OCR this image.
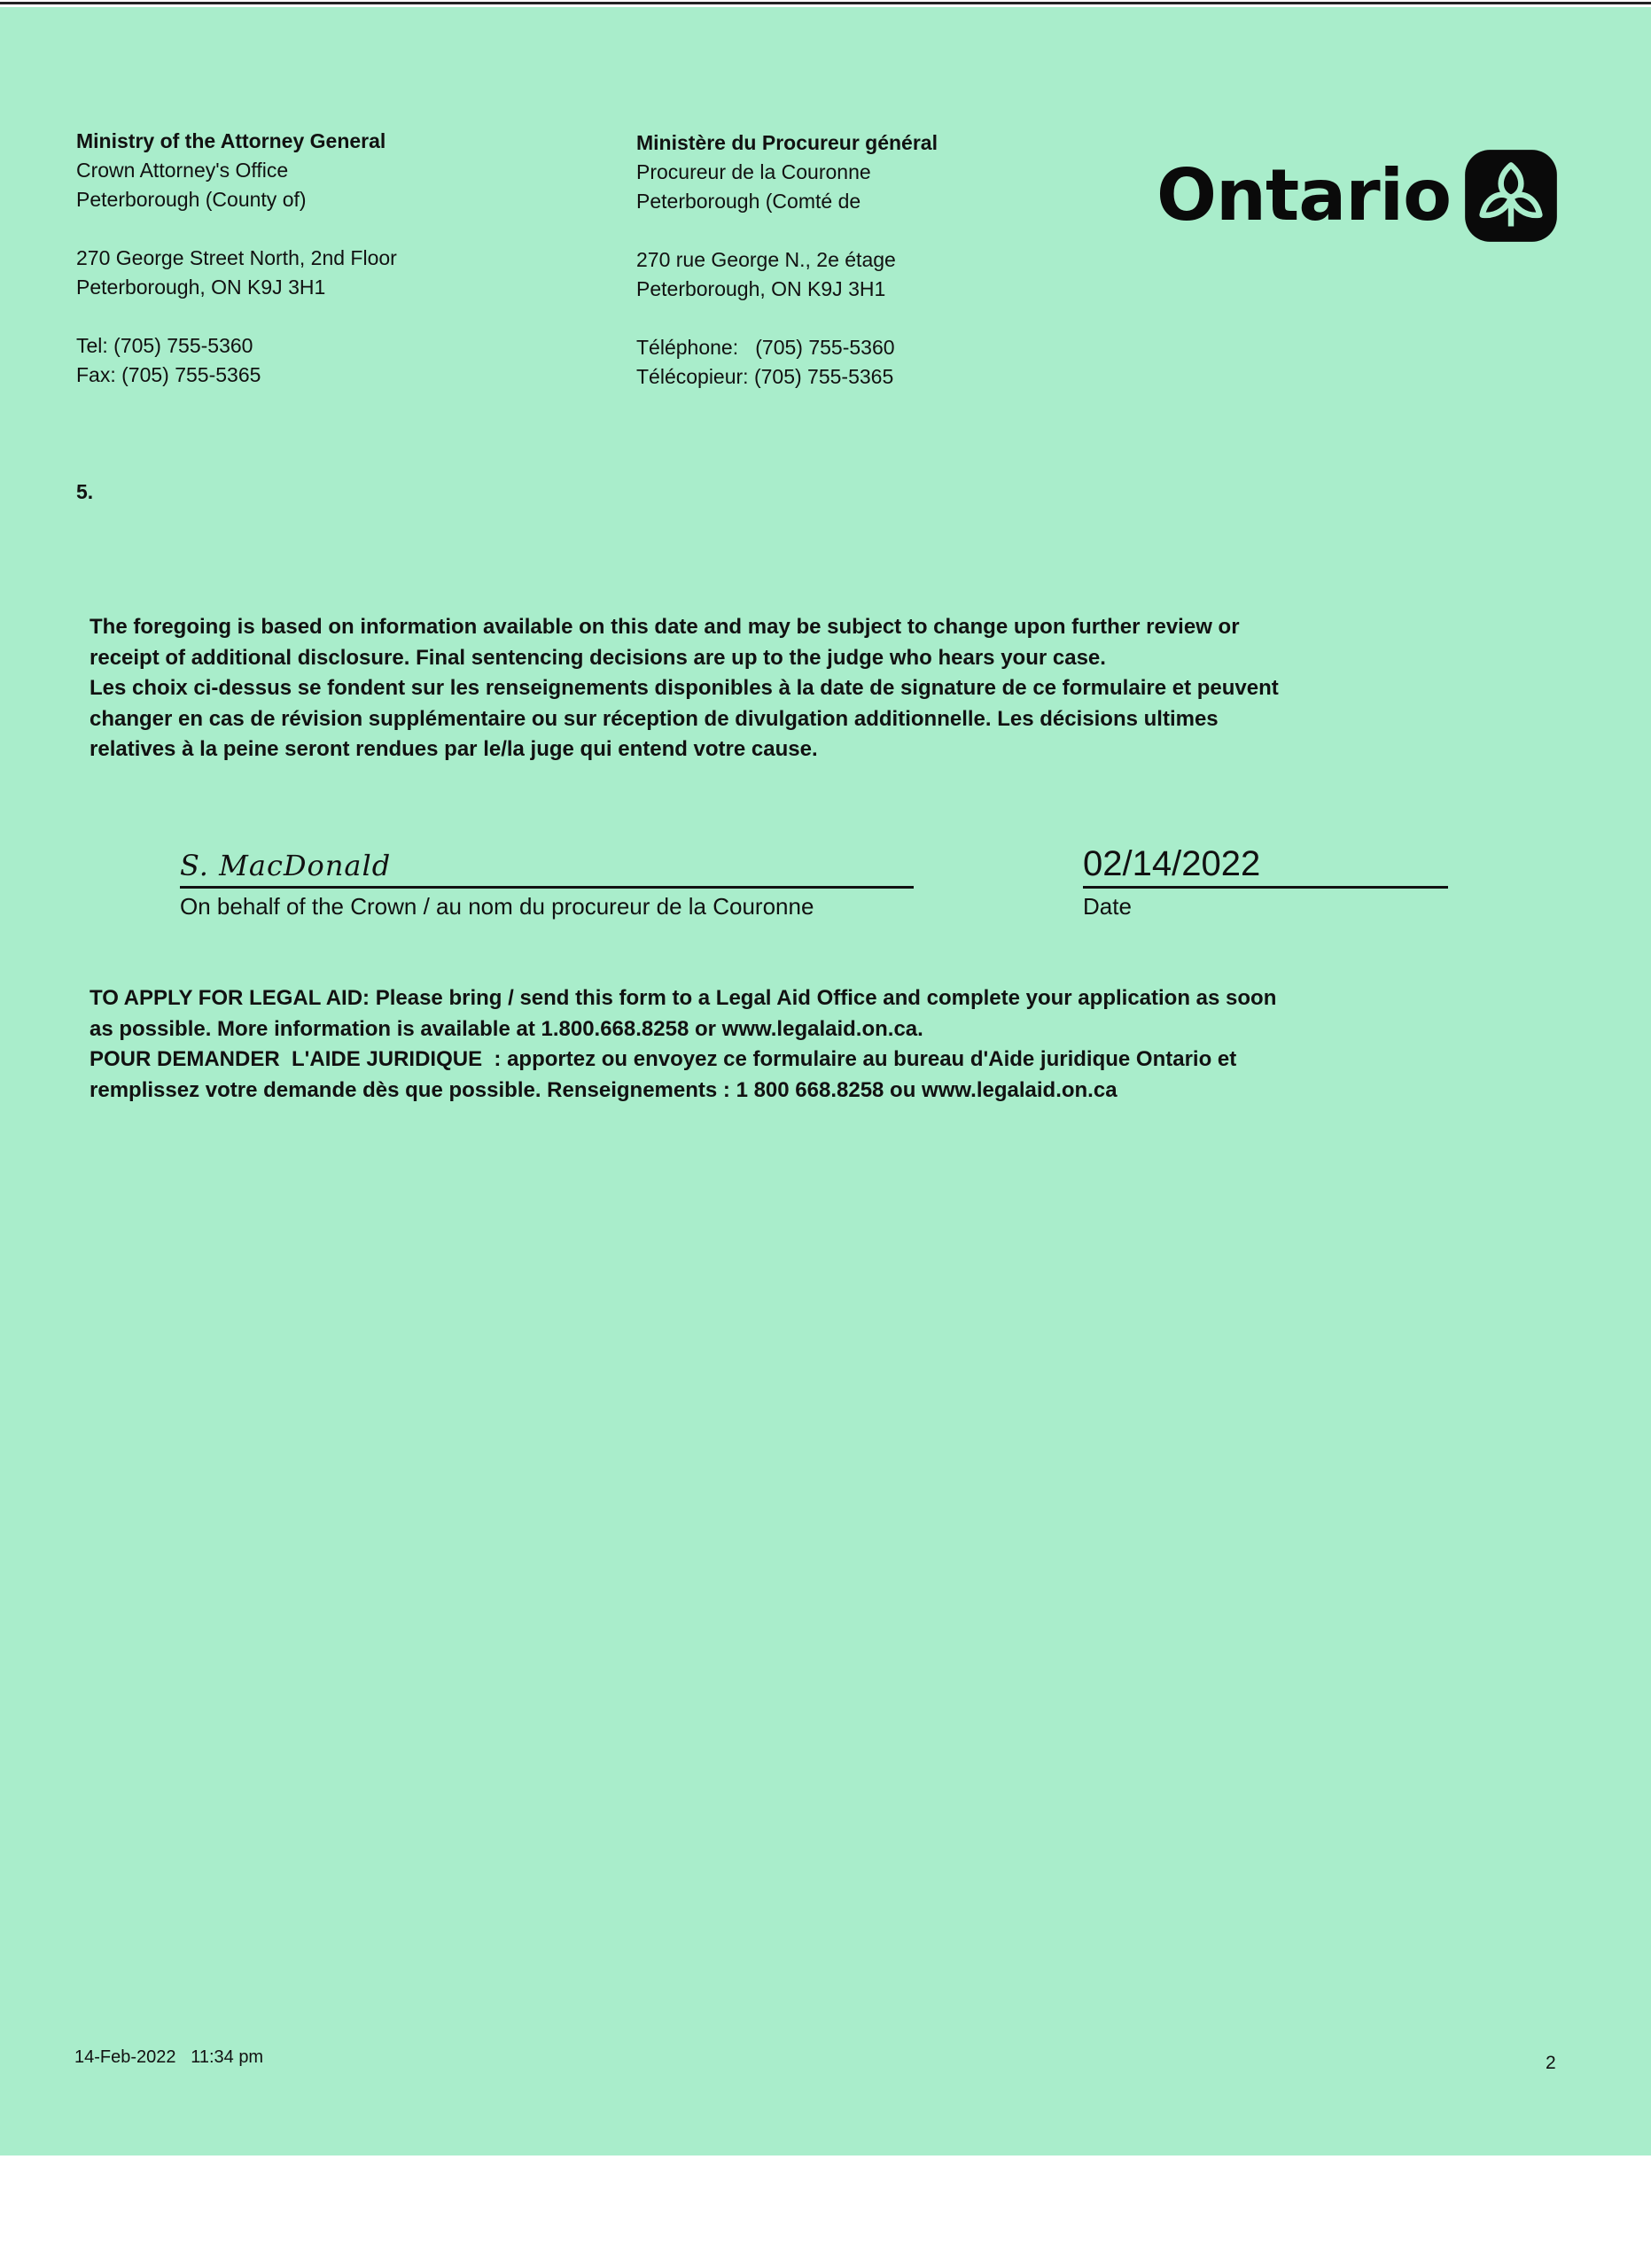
Ministry of the Attorney General
Crown Attorney's Office
Peterborough (County of)
270 George Street North, 2nd Floor
Peterborough, ON K9J 3H1
Tel: (705) 755-5360
Fax: (705) 755-5365
Ministère du Procureur général
Procureur de la Couronne
Peterborough (Comté de
270 rue George N., 2e étage
Peterborough, ON K9J 3H1
Téléphone:   (705) 755-5360
Télécopieur: (705) 755-5365
Ontario
5.
The foregoing is based on information available on this date and may be subject to change upon further review or
receipt of additional disclosure. Final sentencing decisions are up to the judge who hears your case.
Les choix ci-dessus se fondent sur les renseignements disponibles à la date de signature de ce formulaire et peuvent
changer en cas de révision supplémentaire ou sur réception de divulgation additionnelle. Les décisions ultimes
relatives à la peine seront rendues par le/la juge qui entend votre cause.
S. MacDonald
On behalf of the Crown / au nom du procureur de la Couronne
02/14/2022
Date
TO APPLY FOR LEGAL AID: Please bring / send this form to a Legal Aid Office and complete your application as soon
as possible. More information is available at 1.800.668.8258 or www.legalaid.on.ca.
POUR DEMANDER  L'AIDE JURIDIQUE  : apportez ou envoyez ce formulaire au bureau d'Aide juridique Ontario et
remplissez votre demande dès que possible. Renseignements : 1 800 668.8258 ou www.legalaid.on.ca
14-Feb-2022   11:34 pm	2
